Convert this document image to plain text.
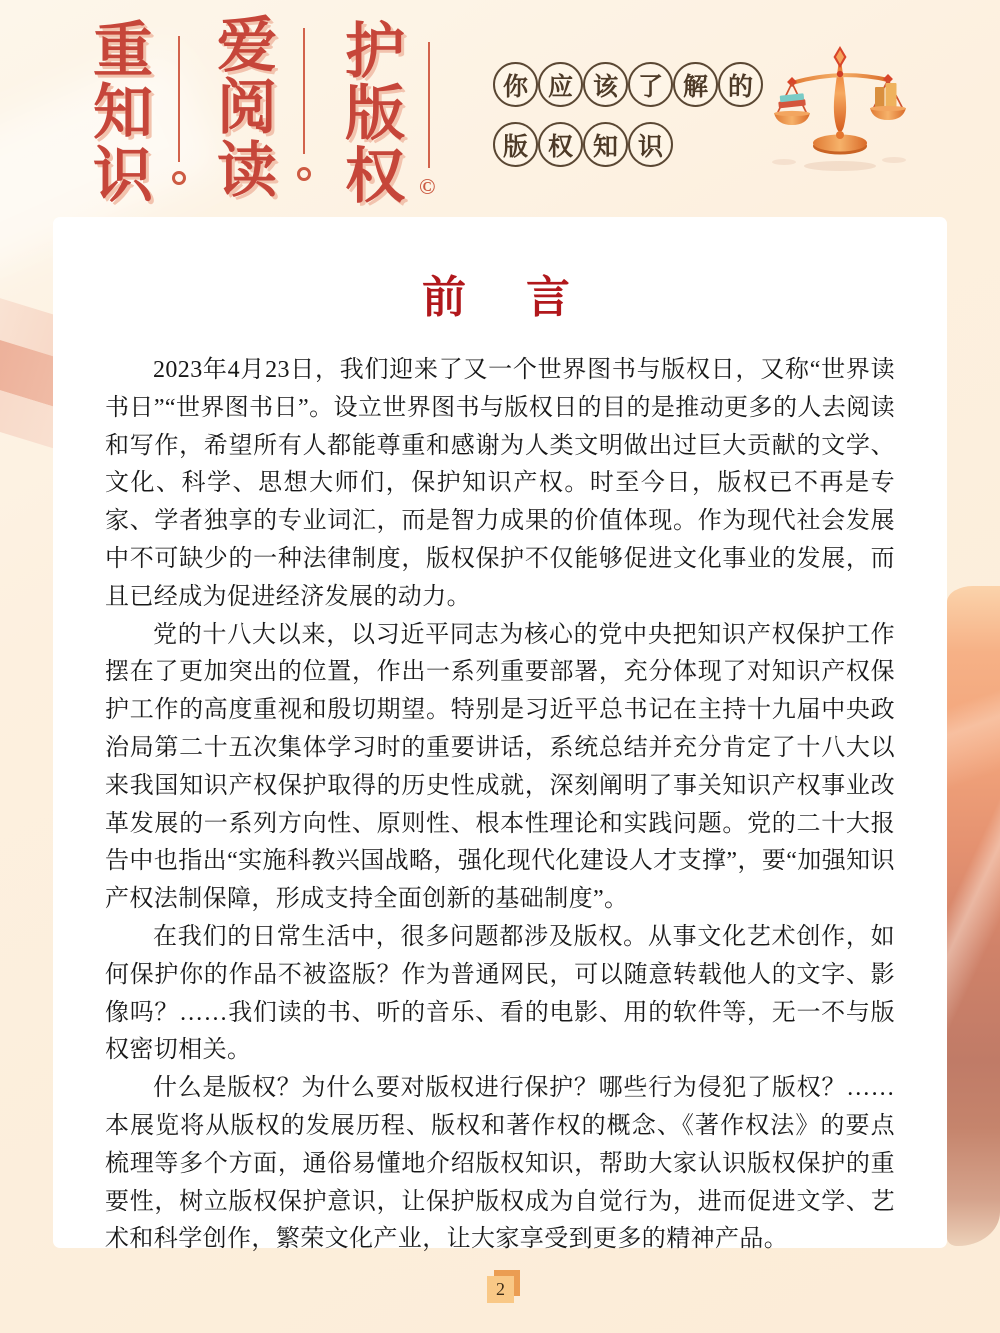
重知识
爱阅读
护版权 ©
你 应 该 了 解 的
版 权 知 识
前　言

2023年4月23日，我们迎来了又一个世界图书与版权日，又称“世界读书日”“世界图书日”。设立世界图书与版权日的目的是推动更多的人去阅读和写作，希望所有人都能尊重和感谢为人类文明做出过巨大贡献的文学、文化、科学、思想大师们，保护知识产权。时至今日，版权已不再是专家、学者独享的专业词汇，而是智力成果的价值体现。作为现代社会发展中不可缺少的一种法律制度，版权保护不仅能够促进文化事业的发展，而且已经成为促进经济发展的动力。

党的十八大以来，以习近平同志为核心的党中央把知识产权保护工作摆在了更加突出的位置，作出一系列重要部署，充分体现了对知识产权保护工作的高度重视和殷切期望。特别是习近平总书记在主持十九届中央政治局第二十五次集体学习时的重要讲话，系统总结并充分肯定了十八大以来我国知识产权保护取得的历史性成就，深刻阐明了事关知识产权事业改革发展的一系列方向性、原则性、根本性理论和实践问题。党的二十大报告中也指出“实施科教兴国战略，强化现代化建设人才支撑”，要“加强知识产权法制保障，形成支持全面创新的基础制度”。

在我们的日常生活中，很多问题都涉及版权。从事文化艺术创作，如何保护你的作品不被盗版？作为普通网民，可以随意转载他人的文字、影像吗？……我们读的书、听的音乐、看的电影、用的软件等，无一不与版权密切相关。

什么是版权？为什么要对版权进行保护？哪些行为侵犯了版权？……本展览将从版权的发展历程、版权和著作权的概念、《著作权法》的要点梳理等多个方面，通俗易懂地介绍版权知识，帮助大家认识版权保护的重要性，树立版权保护意识，让保护版权成为自觉行为，进而促进文学、艺术和科学创作，繁荣文化产业，让大家享受到更多的精神产品。

2
